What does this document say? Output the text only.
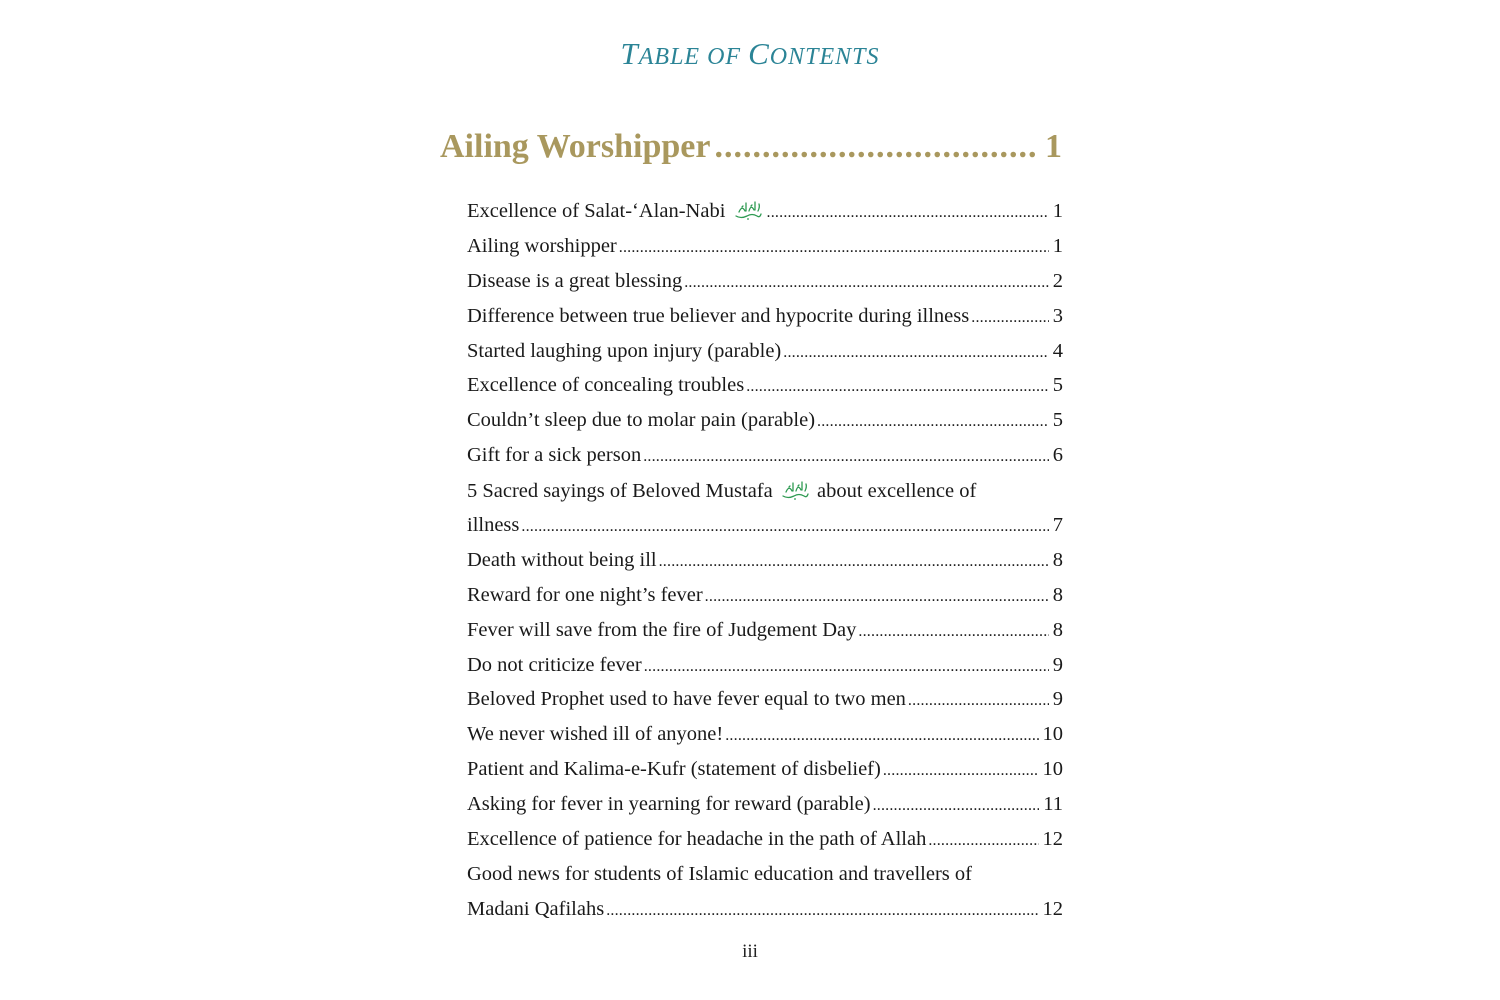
TABLE OF CONTENTS
Ailing Worshipper .....	1
Excellence of Salat-‘Alan-Nabi .....	1
Ailing worshipper .....	1
Disease is a great blessing .....	2
Difference between true believer and hypocrite during illness .....	3
Started laughing upon injury (parable) .....	4
Excellence of concealing troubles .....	5
Couldn’t sleep due to molar pain (parable) .....	5
Gift for a sick person .....	6
5 Sacred sayings of Beloved Mustafa about excellence of
illness .....	7
Death without being ill .....	8
Reward for one night’s fever .....	8
Fever will save from the fire of Judgement Day .....	8
Do not criticize fever .....	9
Beloved Prophet used to have fever equal to two men .....	9
We never wished ill of anyone! .....	10
Patient and Kalima-e-Kufr (statement of disbelief) .....	10
Asking for fever in yearning for reward (parable) .....	11
Excellence of patience for headache in the path of Allah .....	12
Good news for students of Islamic education and travellers of
Madani Qafilahs .....	12
iii
